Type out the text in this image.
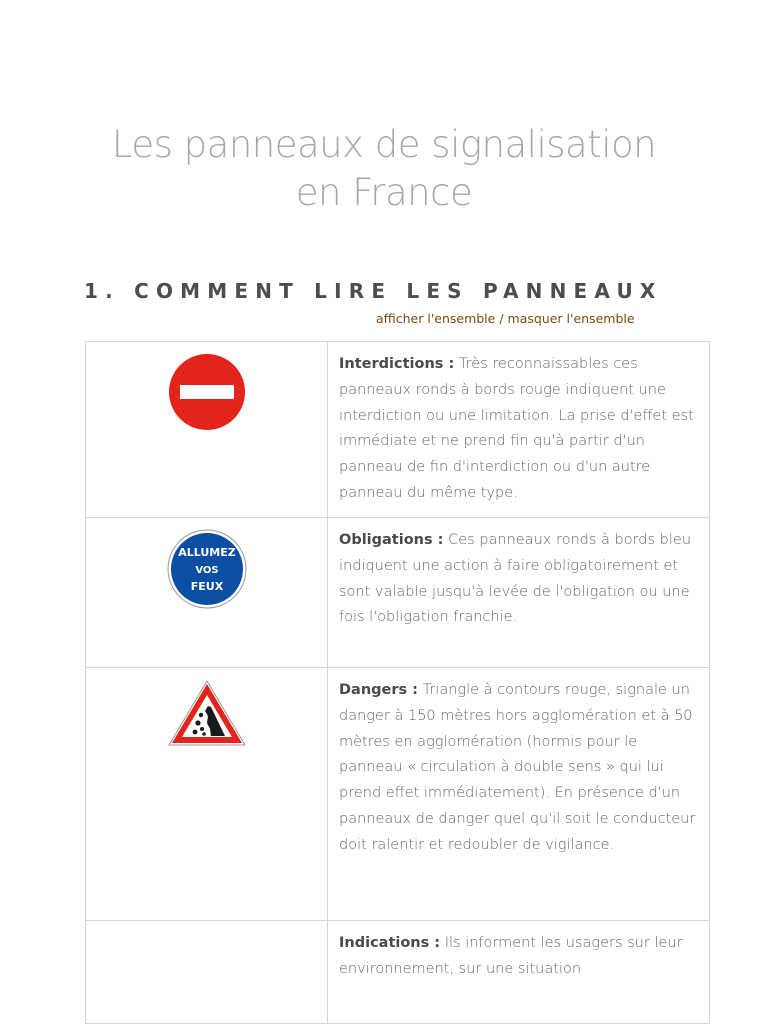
Les panneaux de signalisation
en France
1. COMMENT LIRE LES PANNEAUX
afficher l'ensemble / masquer l'ensemble
	Interdictions : Très reconnaissables ces panneaux ronds à bords rouge indiquent une interdiction ou une limitation. La prise d'effet est immédiate et ne prend fin qu'à partir d'un panneau de fin d'interdiction ou d'un autre panneau du même type.

ALLUMEZ
VOS
FEUX	Obligations : Ces panneaux ronds à bords bleu indiquent une action à faire obligatoirement et sont valable jusqu'à levée de l'obligation ou une fois l'obligation franchie.
	Dangers : Triangle à contours rouge, signale un danger à 150 mètres hors agglomération et à 50 mètres en agglomération (hormis pour le panneau « circulation à double sens » qui lui prend effet immédiatement). En présence d'un panneaux de danger quel qu'il soit le conducteur doit ralentir et redoubler de vigilance.
	Indications : Ils informent les usagers sur leur environnement, sur une situation
